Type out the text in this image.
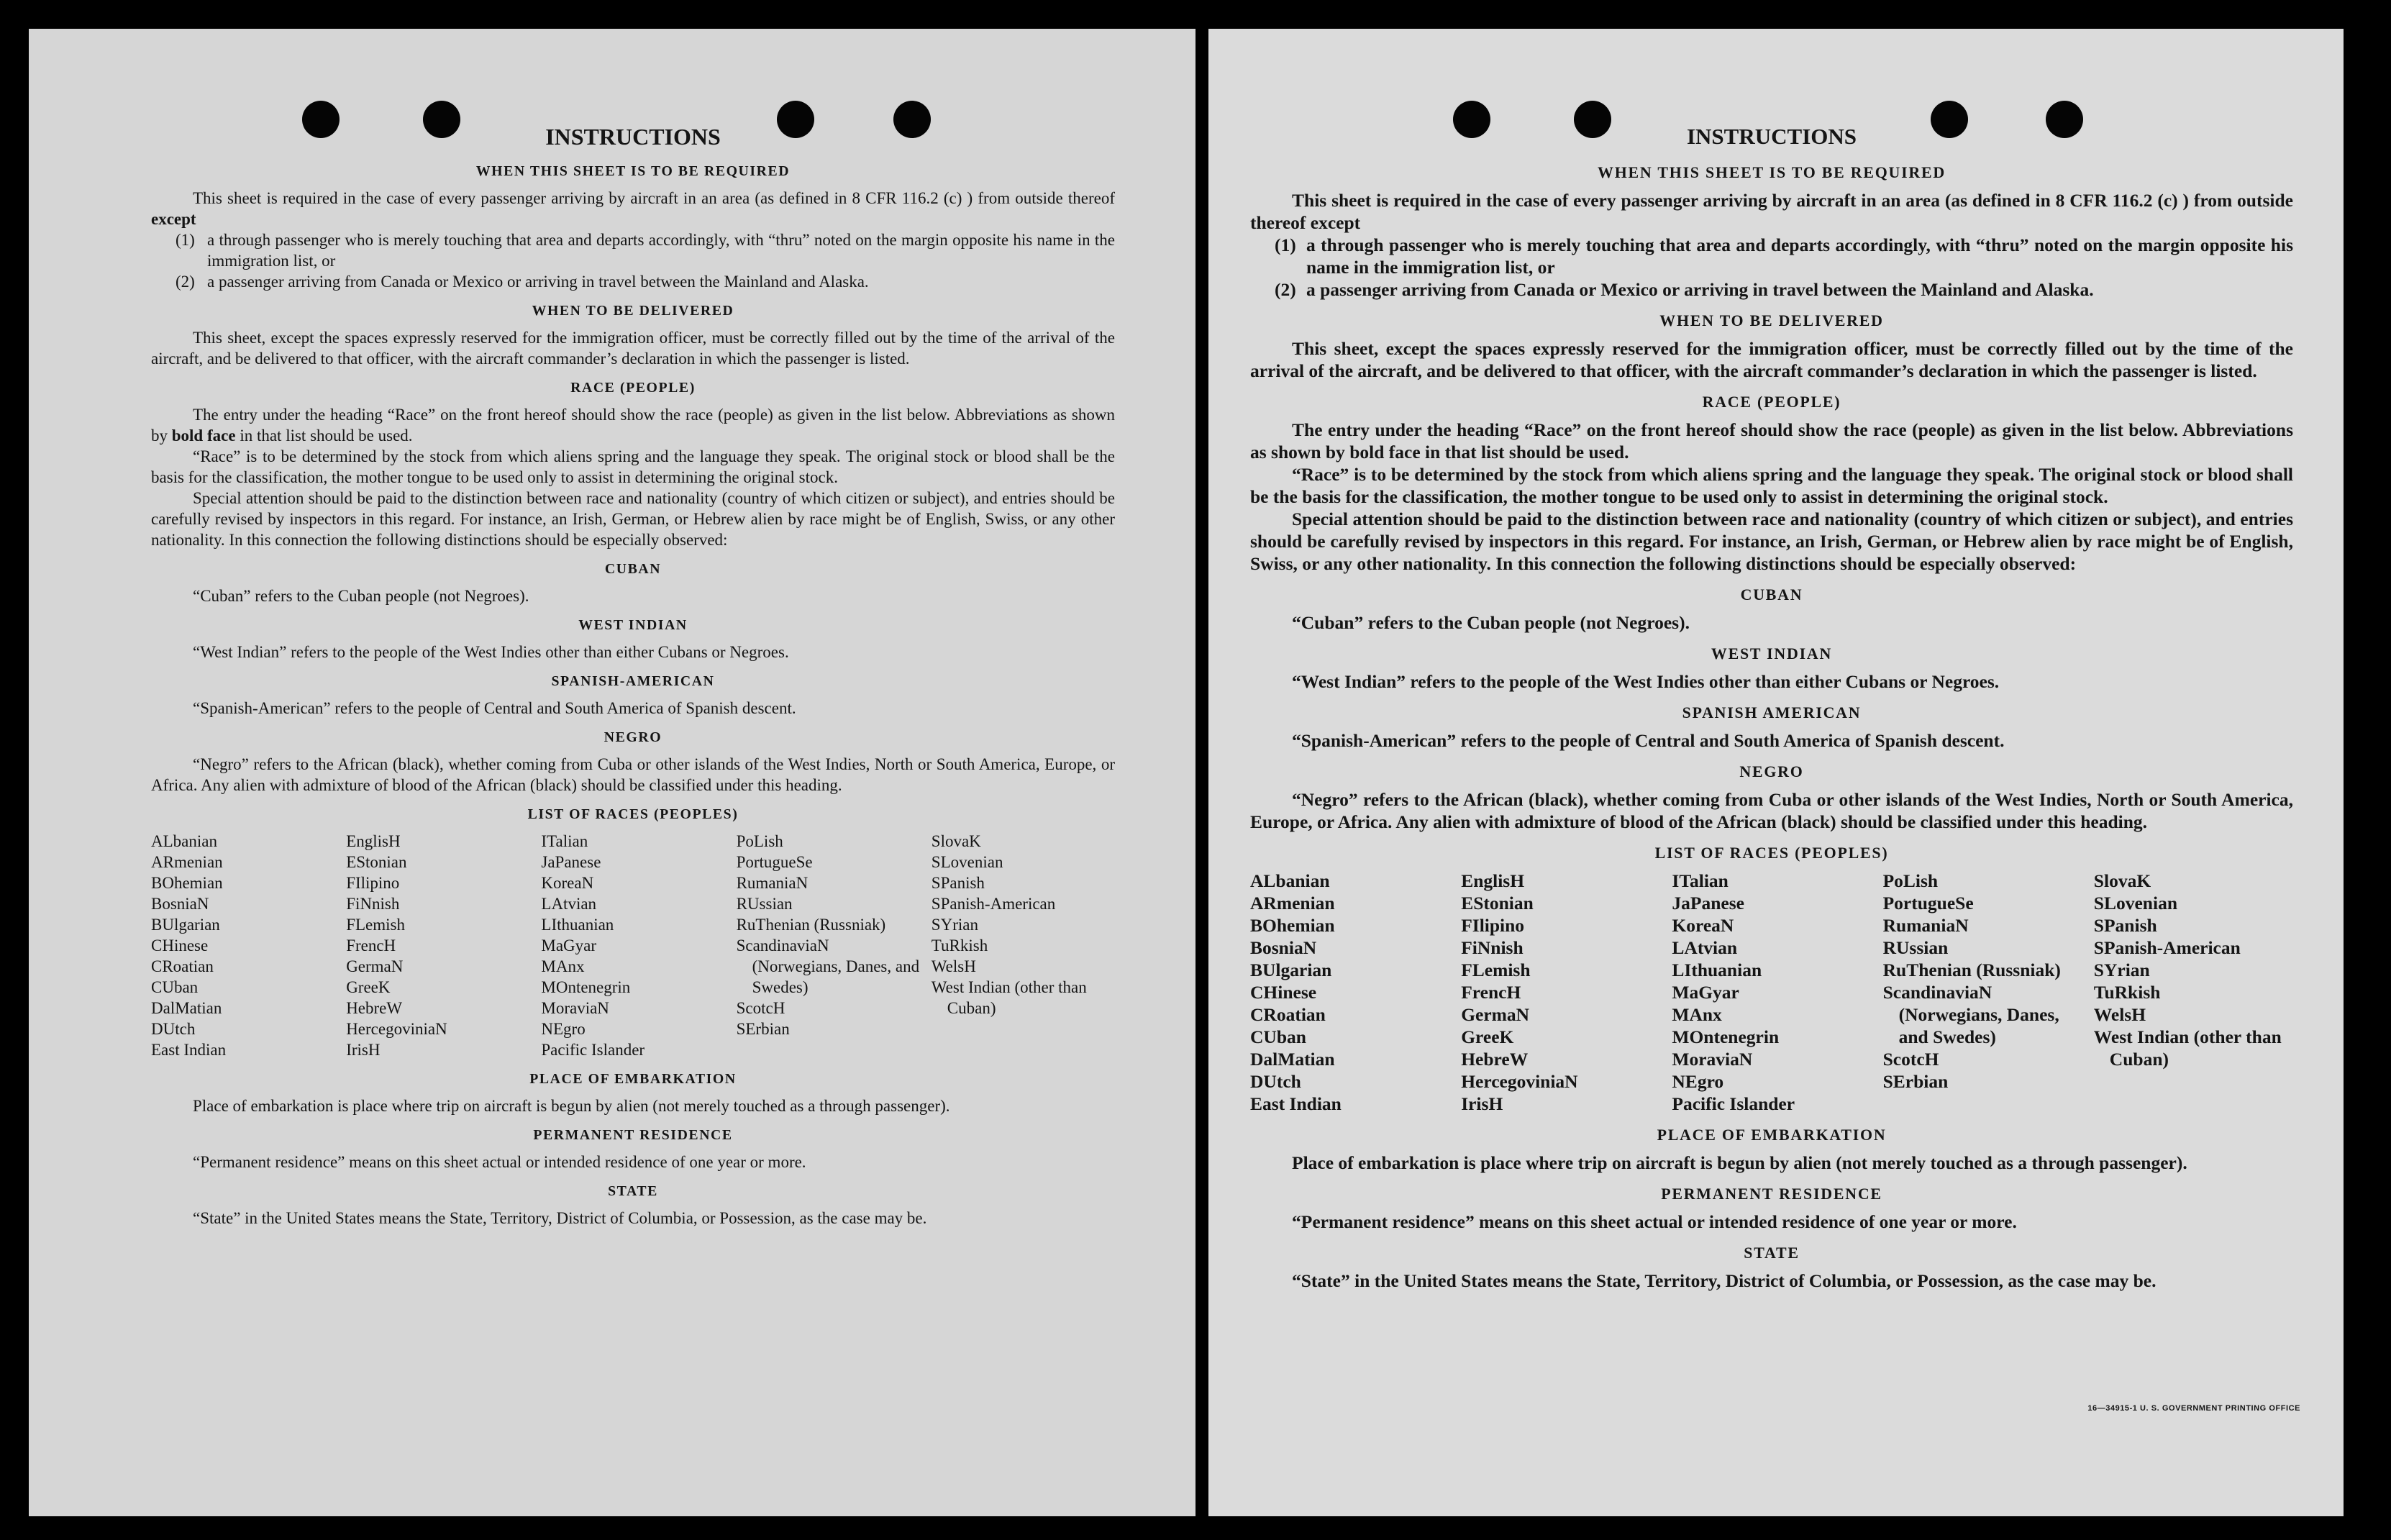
INSTRUCTIONS
WHEN THIS SHEET IS TO BE REQUIRED

This sheet is required in the case of every passenger arriving by aircraft in an area (as defined in 8 CFR 116.2 (c) ) from outside thereof except

(1) a through passenger who is merely touching that area and departs accordingly, with “thru” noted on the margin opposite his name in the immigration list, or
(2) a passenger arriving from Canada or Mexico or arriving in travel between the Mainland and Alaska.
WHEN TO BE DELIVERED

This sheet, except the spaces expressly reserved for the immigration officer, must be correctly filled out by the time of the arrival of the aircraft, and be delivered to that officer, with the aircraft commander’s declaration in which the passenger is listed.

RACE (PEOPLE)

The entry under the heading “Race” on the front hereof should show the race (people) as given in the list below. Abbreviations as shown by bold face in that list should be used.

“Race” is to be determined by the stock from which aliens spring and the language they speak. The original stock or blood shall be the basis for the classification, the mother tongue to be used only to assist in determining the original stock.

Special attention should be paid to the distinction between race and nationality (country of which citizen or subject), and entries should be carefully revised by inspectors in this regard. For instance, an Irish, German, or Hebrew alien by race might be of English, Swiss, or any other nationality. In this connection the following distinctions should be especially observed:

CUBAN

“Cuban” refers to the Cuban people (not Negroes).

WEST INDIAN

“West Indian” refers to the people of the West Indies other than either Cubans or Negroes.

SPANISH-AMERICAN

“Spanish-American” refers to the people of Central and South America of Spanish descent.

NEGRO

“Negro” refers to the African (black), whether coming from Cuba or other islands of the West Indies, North or South America, Europe, or Africa. Any alien with admixture of blood of the African (black) should be classified under this heading.

LIST OF RACES (PEOPLES)
ALbanian
ARmenian
BOhemian
BosniaN
BUlgarian
CHinese
CRoatian
CUban
DalMatian
DUtch
East Indian
EnglisH
EStonian
FIlipino
FiNnish
FLemish
FrencH
GermaN
GreeK
HebreW
HercegoviniaN
IrisH
ITalian
JaPanese
KoreaN
LAtvian
LIthuanian
MaGyar
MAnx
MOntenegrin
MoraviaN
NEgro
Pacific Islander
PoLish
PortugueSe
RumaniaN
RUssian
RuThenian (Russniak)
ScandinaviaN (Norwegians, Danes, and Swedes)
ScotcH
SErbian
SlovaK
SLovenian
SPanish
SPanish-American
SYrian
TuRkish
WelsH
West Indian (other than Cuban)
PLACE OF EMBARKATION

Place of embarkation is place where trip on aircraft is begun by alien (not merely touched as a through passenger).

PERMANENT RESIDENCE

“Permanent residence” means on this sheet actual or intended residence of one year or more.

STATE

“State” in the United States means the State, Territory, District of Columbia, or Possession, as the case may be.

INSTRUCTIONS
WHEN THIS SHEET IS TO BE REQUIRED

This sheet is required in the case of every passenger arriving by aircraft in an area (as defined in 8 CFR 116.2 (c) ) from outside thereof except

(1) a through passenger who is merely touching that area and departs accordingly, with “thru” noted on the margin opposite his name in the immigration list, or
(2) a passenger arriving from Canada or Mexico or arriving in travel between the Mainland and Alaska.
WHEN TO BE DELIVERED

This sheet, except the spaces expressly reserved for the immigration officer, must be correctly filled out by the time of the arrival of the aircraft, and be delivered to that officer, with the aircraft commander’s declaration in which the passenger is listed.

RACE (PEOPLE)

The entry under the heading “Race” on the front hereof should show the race (people) as given in the list below. Abbreviations as shown by bold face in that list should be used.

“Race” is to be determined by the stock from which aliens spring and the language they speak. The original stock or blood shall be the basis for the classification, the mother tongue to be used only to assist in determining the original stock.

Special attention should be paid to the distinction between race and nationality (country of which citizen or subject), and entries should be carefully revised by inspectors in this regard. For instance, an Irish, German, or Hebrew alien by race might be of English, Swiss, or any other nationality. In this connection the following distinctions should be especially observed:

CUBAN

“Cuban” refers to the Cuban people (not Negroes).

WEST INDIAN

“West Indian” refers to the people of the West Indies other than either Cubans or Negroes.

SPANISH AMERICAN

“Spanish-American” refers to the people of Central and South America of Spanish descent.

NEGRO

“Negro” refers to the African (black), whether coming from Cuba or other islands of the West Indies, North or South America, Europe, or Africa. Any alien with admixture of blood of the African (black) should be classified under this heading.

LIST OF RACES (PEOPLES)
ALbanian
ARmenian
BOhemian
BosniaN
BUlgarian
CHinese
CRoatian
CUban
DalMatian
DUtch
East Indian
EnglisH
EStonian
FIlipino
FiNnish
FLemish
FrencH
GermaN
GreeK
HebreW
HercegoviniaN
IrisH
ITalian
JaPanese
KoreaN
LAtvian
LIthuanian
MaGyar
MAnx
MOntenegrin
MoraviaN
NEgro
Pacific Islander
PoLish
PortugueSe
RumaniaN
RUssian
RuThenian (Russniak)
ScandinaviaN (Norwegians, Danes, and Swedes)
ScotcH
SErbian
SlovaK
SLovenian
SPanish
SPanish-American
SYrian
TuRkish
WelsH
West Indian (other than Cuban)
PLACE OF EMBARKATION

Place of embarkation is place where trip on aircraft is begun by alien (not merely touched as a through passenger).

PERMANENT RESIDENCE

“Permanent residence” means on this sheet actual or intended residence of one year or more.

STATE

“State” in the United States means the State, Territory, District of Columbia, or Possession, as the case may be.

16—34915-1 U. S. GOVERNMENT PRINTING OFFICE
